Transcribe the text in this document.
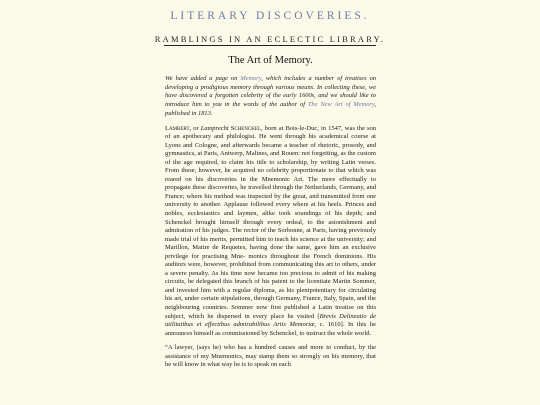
LITERARY DISCOVERIES.
RAMBLINGS IN AN ECLECTIC LIBRARY.
The Art of Memory.

We have added a page on Memory, which includes a number of treatises on developing a prodigious memory through various means. In collecting these, we have discovered a forgotten celebrity of the early 1600s, and we should like to introduce him to you in the words of the author of The New Art of Memory, published in 1813.

Lambert, or Lamprecht Schenckel, born at Bois-le-Duc, in 1547, was the son of an apothecary and philologist. He went through his academical course at Lyons and Cologne, and afterwards became a teacher of rhetoric, prosody, and gymnastics, at Paris, Antwerp, Malines, and Rouen: not forgetting, as the custom of the age required, to claim his title to scholarship, by writing Latin verses. From these, however, he acquired no celebrity proportionate to that which was reared on his discoveries in the Mnemonic Art. The more effectually to propagate these discoveries, he travelled through the Netherlands, Germany, and France; where his method was inspected by the great, and transmitted from one university to another. Applause followed every where at his heels. Princes and nobles, ecclesiastics and laymen, alike took soundings of his depth; and Schenckel brought himself through every ordeal, to the astonishment and admiration of his judges. The rector of the Sorbonne, at Paris, having previously made trial of his merits, permitted him to teach his science at the university; and Marillon, Maitre de Requetes, having done the same, gave him an exclusive privilege for practising Mne- monics throughout the French dominions. His auditors were, however, prohibited from communicating this art to others, under a severe penalty. As his time now became too precious to admit of his making circuits, he delegated this branch of his patent to the licentiate Martin Sommer, and invested him with a regular diploma, as his plenipotentiary for circulating his art, under certain stipulations, through Germany, France, Italy, Spain, and the neighbouring countries. Sommer now first published a Latin treatise on this subject, which he dispersed in every place he visited [Brevis Delineatio de utilitatibus et effectibus admirabilibus Artis Memoriæ, c. 1610]. In this he announces himself as commissioned by Schenckel, to instruct the whole world.

“A lawyer, (says he) who has a hundred causes and more to conduct, by the assistance of my Mnemonics, may stamp them so strongly on his memory, that he will know in what way he is to speak on each
